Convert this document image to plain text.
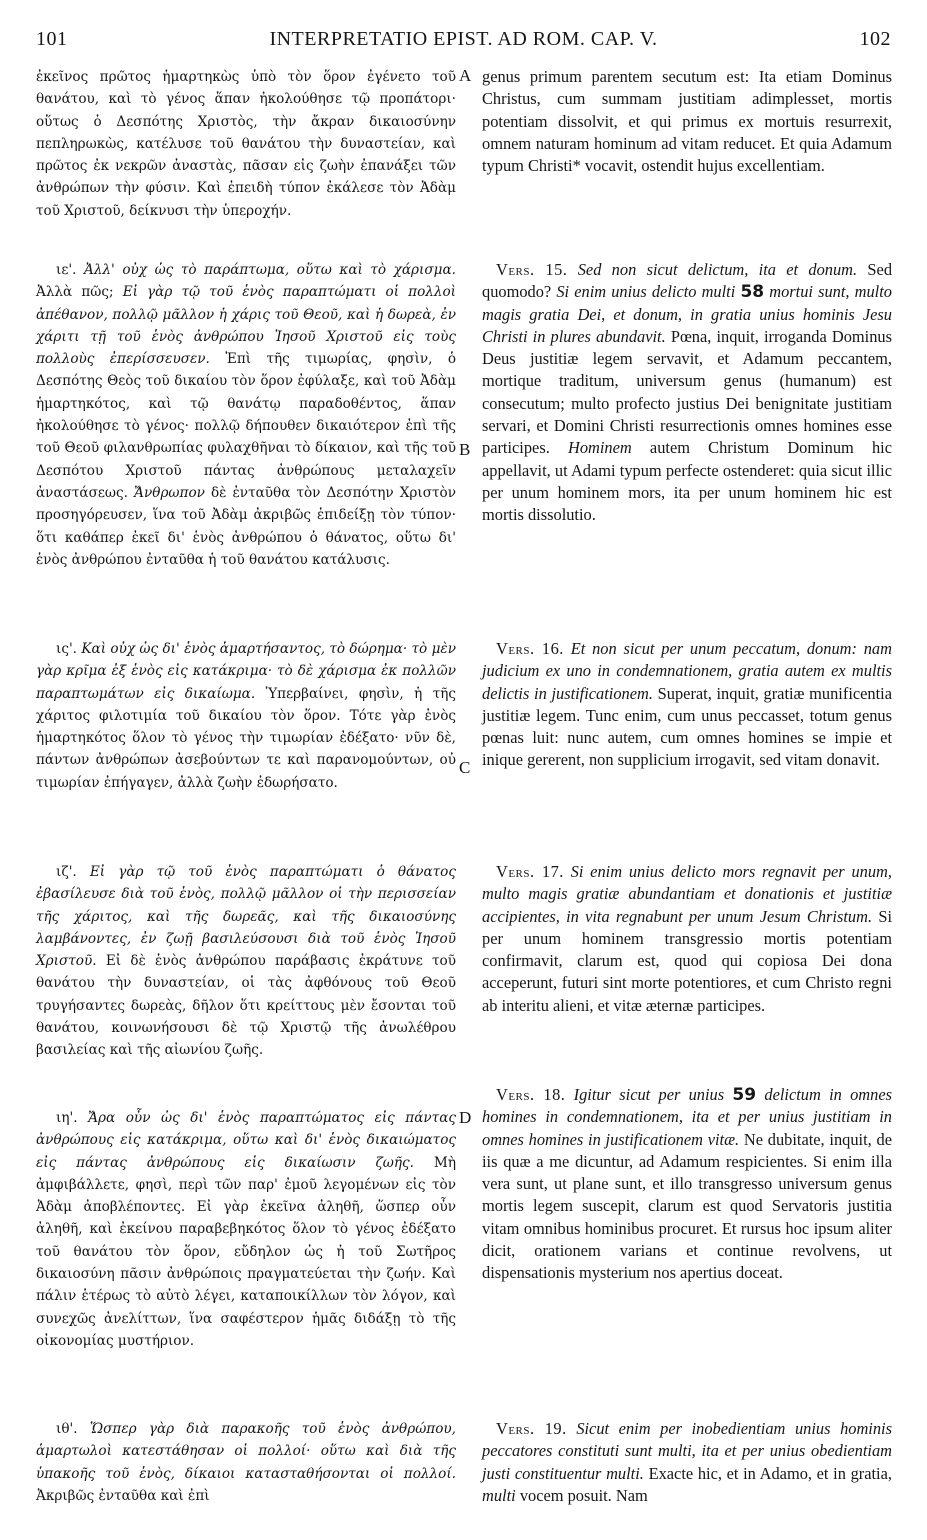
101	INTERPRETATIO EPIST. AD ROM. CAP. V.	102

ἐκεῖνος πρῶτος ἡμαρτηκὼς ὑπὸ τὸν ὅρον ἐγένετο τοῦ θανάτου, καὶ τὸ γένος ἅπαν ἠκολούθησε τῷ προπάτορι· οὕτως ὁ Δεσπότης Χριστὸς, τὴν ἄκραν δικαιοσύνην πεπληρωκὼς, κατέλυσε τοῦ θανάτου τὴν δυναστείαν, καὶ πρῶτος ἐκ νεκρῶν ἀναστὰς, πᾶσαν εἰς ζωὴν ἐπανάξει τῶν ἀνθρώπων τὴν φύσιν. Καὶ ἐπειδὴ τύπον ἐκάλεσε τὸν Ἀδὰμ τοῦ Χριστοῦ, δείκνυσι τὴν ὑπεροχήν.

ιε'. Ἀλλ' οὐχ ὡς τὸ παράπτωμα, οὕτω καὶ τὸ χάρισμα. Ἀλλὰ πῶς; Εἰ γὰρ τῷ τοῦ ἑνὸς παραπτώματι οἱ πολλοὶ ἀπέθανον, πολλῷ μᾶλλον ἡ χάρις τοῦ Θεοῦ, καὶ ἡ δωρεὰ, ἐν χάριτι τῇ τοῦ ἑνὸς ἀνθρώπου Ἰησοῦ Χριστοῦ εἰς τοὺς πολλοὺς ἐπερίσσευσεν. Ἐπὶ τῆς τιμωρίας, φησὶν, ὁ Δεσπότης Θεὸς τοῦ δικαίου τὸν ὅρον ἐφύλαξε, καὶ τοῦ Ἀδὰμ ἡμαρτηκότος, καὶ τῷ θανάτῳ παραδοθέντος, ἅπαν ἠκολούθησε τὸ γένος· πολλῷ δήπουθεν δικαιότερον ἐπὶ τῆς τοῦ Θεοῦ φιλανθρωπίας φυλαχθῆναι τὸ δίκαιον, καὶ τῆς τοῦ Δεσπότου Χριστοῦ πάντας ἀνθρώπους μεταλαχεῖν ἀναστάσεως. Ἄνθρωπον δὲ ἐνταῦθα τὸν Δεσπότην Χριστὸν προσηγόρευσεν, ἵνα τοῦ Ἀδὰμ ἀκριβῶς ἐπιδείξῃ τὸν τύπον· ὅτι καθάπερ ἐκεῖ δι' ἑνὸς ἀνθρώπου ὁ θάνατος, οὕτω δι' ἑνὸς ἀνθρώπου ἐνταῦθα ἡ τοῦ θανάτου κατάλυσις.

ις'. Καὶ οὐχ ὡς δι' ἑνὸς ἁμαρτήσαντος, τὸ δώρημα· τὸ μὲν γὰρ κρῖμα ἐξ ἑνὸς εἰς κατάκριμα· τὸ δὲ χάρισμα ἐκ πολλῶν παραπτωμάτων εἰς δικαίωμα. Ὑπερβαίνει, φησὶν, ἡ τῆς χάριτος φιλοτιμία τοῦ δικαίου τὸν ὅρον. Τότε γὰρ ἑνὸς ἡμαρτηκότος ὅλον τὸ γένος τὴν τιμωρίαν ἐδέξατο· νῦν δὲ, πάντων ἀνθρώπων ἀσεβούντων τε καὶ παρανομούντων, οὐ τιμωρίαν ἐπήγαγεν, ἀλλὰ ζωὴν ἐδωρήσατο.

ιζ'. Εἰ γὰρ τῷ τοῦ ἑνὸς παραπτώματι ὁ θάνατος ἐβασίλευσε διὰ τοῦ ἑνὸς, πολλῷ μᾶλλον οἱ τὴν περισσείαν τῆς χάριτος, καὶ τῆς δωρεᾶς, καὶ τῆς δικαιοσύνης λαμβάνοντες, ἐν ζωῇ βασιλεύσουσι διὰ τοῦ ἑνὸς Ἰησοῦ Χριστοῦ. Εἰ δὲ ἑνὸς ἀνθρώπου παράβασις ἐκράτυνε τοῦ θανάτου τὴν δυναστείαν, οἱ τὰς ἀφθόνους τοῦ Θεοῦ τρυγήσαντες δωρεὰς, δῆλον ὅτι κρείττους μὲν ἔσονται τοῦ θανάτου, κοινωνήσουσι δὲ τῷ Χριστῷ τῆς ἀνωλέθρου βασιλείας καὶ τῆς αἰωνίου ζωῆς.

ιη'. Ἄρα οὖν ὡς δι' ἑνὸς παραπτώματος εἰς πάντας ἀνθρώπους εἰς κατάκριμα, οὕτω καὶ δι' ἑνὸς δικαιώματος εἰς πάντας ἀνθρώπους εἰς δικαίωσιν ζωῆς. Μὴ ἀμφιβάλλετε, φησὶ, περὶ τῶν παρ' ἐμοῦ λεγομένων εἰς τὸν Ἀδὰμ ἀποβλέποντες. Εἰ γὰρ ἐκεῖνα ἀληθῆ, ὥσπερ οὖν ἀληθῆ, καὶ ἐκείνου παραβεβηκότος ὅλον τὸ γένος ἐδέξατο τοῦ θανάτου τὸν ὅρον, εὔδηλον ὡς ἡ τοῦ Σωτῆρος δικαιοσύνη πᾶσιν ἀνθρώποις πραγματεύεται τὴν ζωήν. Καὶ πάλιν ἑτέρως τὸ αὐτὸ λέγει, καταποικίλλων τὸν λόγον, καὶ συνεχῶς ἀνελίττων, ἵνα σαφέστερον ἡμᾶς διδάξῃ τὸ τῆς οἰκονομίας μυστήριον.

ιθ'. Ὥσπερ γὰρ διὰ παρακοῆς τοῦ ἑνὸς ἀνθρώπου, ἁμαρτωλοὶ κατεστάθησαν οἱ πολλοί· οὕτω καὶ διὰ τῆς ὑπακοῆς τοῦ ἑνὸς, δίκαιοι κατασταθήσονται οἱ πολλοί. Ἀκριβῶς ἐνταῦθα καὶ ἐπὶ

A
B
C
D

genus primum parentem secutum est: Ita etiam Dominus Christus, cum summam justitiam adimplesset, mortis potentiam dissolvit, et qui primus ex mortuis resurrexit, omnem naturam hominum ad vitam reducet. Et quia Adamum typum Christi* vocavit, ostendit hujus excellentiam.

Vers. 15. Sed non sicut delictum, ita et donum. Sed quomodo? Si enim unius delicto multi 58 mortui sunt, multo magis gratia Dei, et donum, in gratia unius hominis Jesu Christi in plures abundavit. Pœna, inquit, irroganda Dominus Deus justitiæ legem servavit, et Adamum peccantem, mortique traditum, universum genus (humanum) est consecutum; multo profecto justius Dei benignitate justitiam servari, et Domini Christi resurrectionis omnes homines esse participes. Hominem autem Christum Dominum hic appellavit, ut Adami typum perfecte ostenderet: quia sicut illic per unum hominem mors, ita per unum hominem hic est mortis dissolutio.

Vers. 16. Et non sicut per unum peccatum, donum: nam judicium ex uno in condemnationem, gratia autem ex multis delictis in justificationem. Superat, inquit, gratiæ munificentia justitiæ legem. Tunc enim, cum unus peccasset, totum genus pœnas luit: nunc autem, cum omnes homines se impie et inique gererent, non supplicium irrogavit, sed vitam donavit.

Vers. 17. Si enim unius delicto mors regnavit per unum, multo magis gratiæ abundantiam et donationis et justitiæ accipientes, in vita regnabunt per unum Jesum Christum. Si per unum hominem transgressio mortis potentiam confirmavit, clarum est, quod qui copiosa Dei dona acceperunt, futuri sint morte potentiores, et cum Christo regni ab interitu alieni, et vitæ æternæ participes.

Vers. 18. Igitur sicut per unius 59 delictum in omnes homines in condemnationem, ita et per unius justitiam in omnes homines in justificationem vitæ. Ne dubitate, inquit, de iis quæ a me dicuntur, ad Adamum respicientes. Si enim illa vera sunt, ut plane sunt, et illo transgresso universum genus mortis legem suscepit, clarum est quod Servatoris justitia vitam omnibus hominibus procuret. Et rursus hoc ipsum aliter dicit, orationem varians et continue revolvens, ut dispensationis mysterium nos apertius doceat.

Vers. 19. Sicut enim per inobedientiam unius hominis peccatores constituti sunt multi, ita et per unius obedientiam justi constituentur multi. Exacte hic, et in Adamo, et in gratia, multi vocem posuit. Nam
